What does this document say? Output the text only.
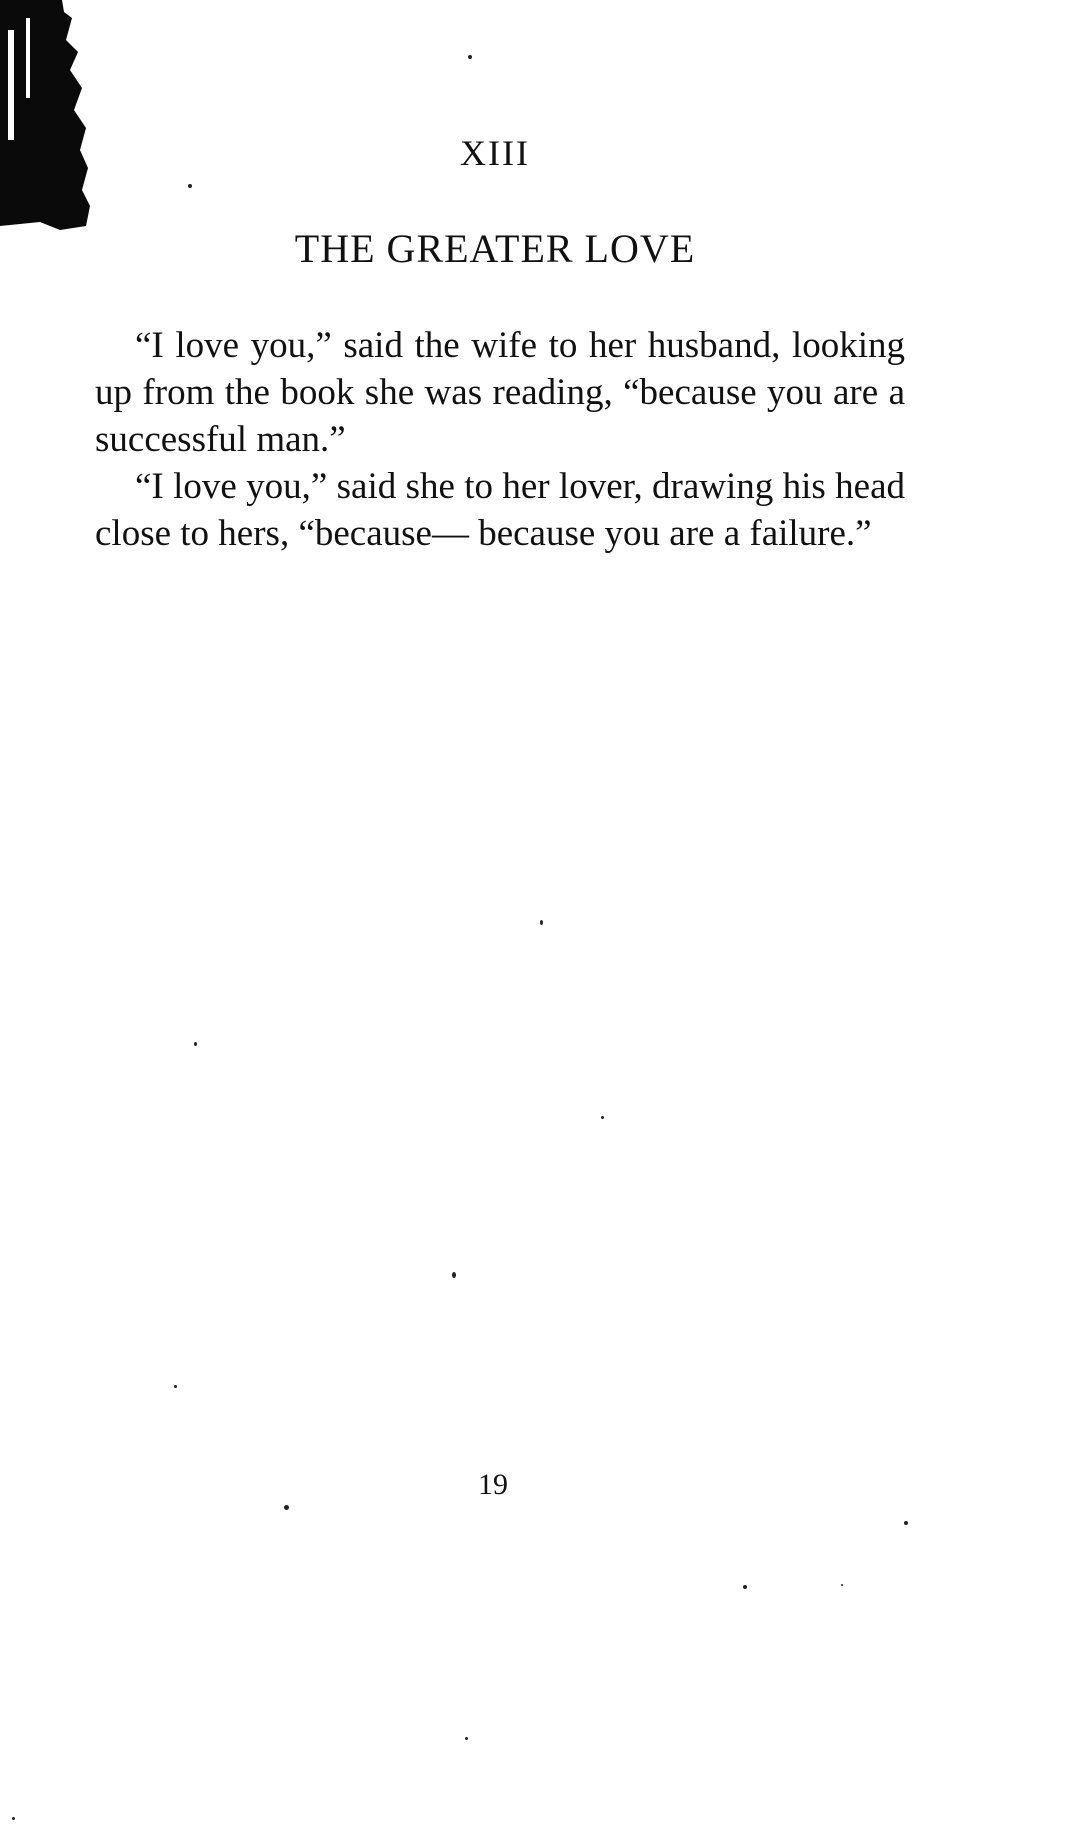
XIII
THE GREATER LOVE

“I love you,” said the wife to her husband, looking up from the book she was reading, “because you are a successful man.”

“I love you,” said she to her lover, drawing his head close to hers, “because— because you are a failure.”

19
